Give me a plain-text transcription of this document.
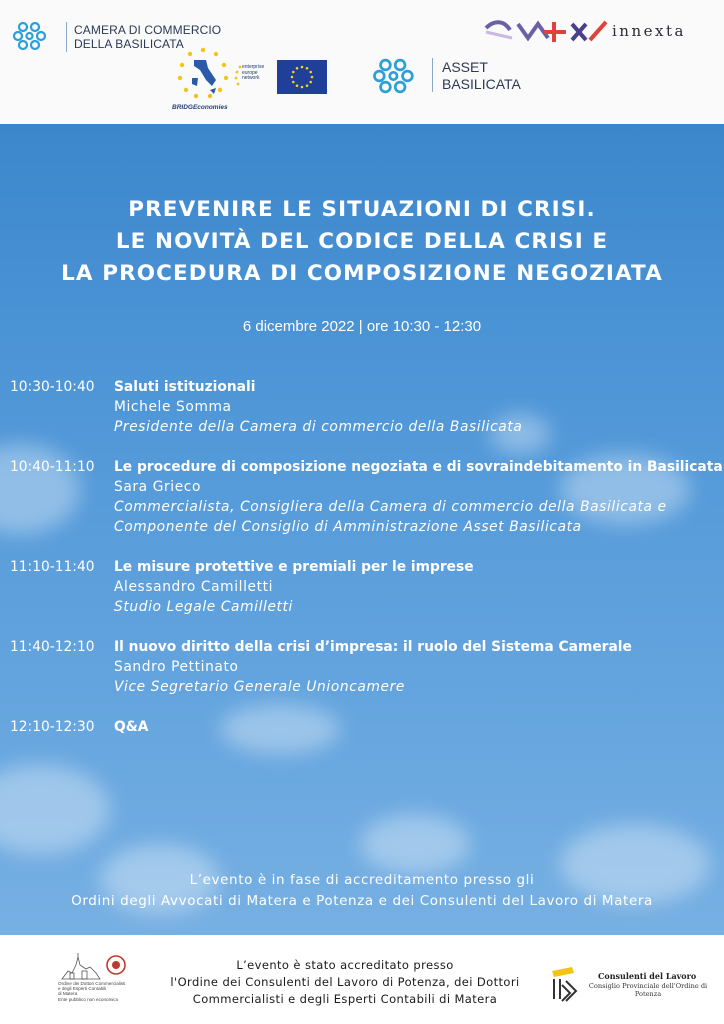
CAMERA DI COMMERCIO
DELLA BASILICATA
innexta
BRIDGEconomies
enterprise
europe
network
ASSET
BASILICATA
PREVENIRE LE SITUAZIONI DI CRISI.
LE NOVITÀ DEL CODICE DELLA CRISI E
LA PROCEDURA DI COMPOSIZIONE NEGOZIATA
6 dicembre 2022 | ore 10:30 - 12:30
10:30-10:40 Saluti istituzionali
Michele Somma
Presidente della Camera di commercio della Basilicata
10:40-11:10 Le procedure di composizione negoziata e di sovraindebitamento in Basilicata
Sara Grieco
Commercialista, Consigliera della Camera di commercio della Basilicata e Componente del Consiglio di Amministrazione Asset Basilicata
11:10-11:40 Le misure protettive e premiali per le imprese
Alessandro Camilletti
Studio Legale Camilletti
11:40-12:10 Il nuovo diritto della crisi d’impresa: il ruolo del Sistema Camerale
Sandro Pettinato
Vice Segretario Generale Unioncamere
12:10-12:30 Q&A
L’evento è in fase di accreditamento presso gli
Ordini degli Avvocati di Matera e Potenza e dei Consulenti del Lavoro di Matera
Ordine dei Dottori Commercialisti
e degli Esperti Contabili
di Matera
Ente pubblico non economico
L’evento è stato accreditato presso
l'Ordine dei Consulenti del Lavoro di Potenza, dei Dottori
Commercialisti e degli Esperti Contabili di Matera
Consulenti del Lavoro
Consiglio Provinciale dell'Ordine di Potenza
